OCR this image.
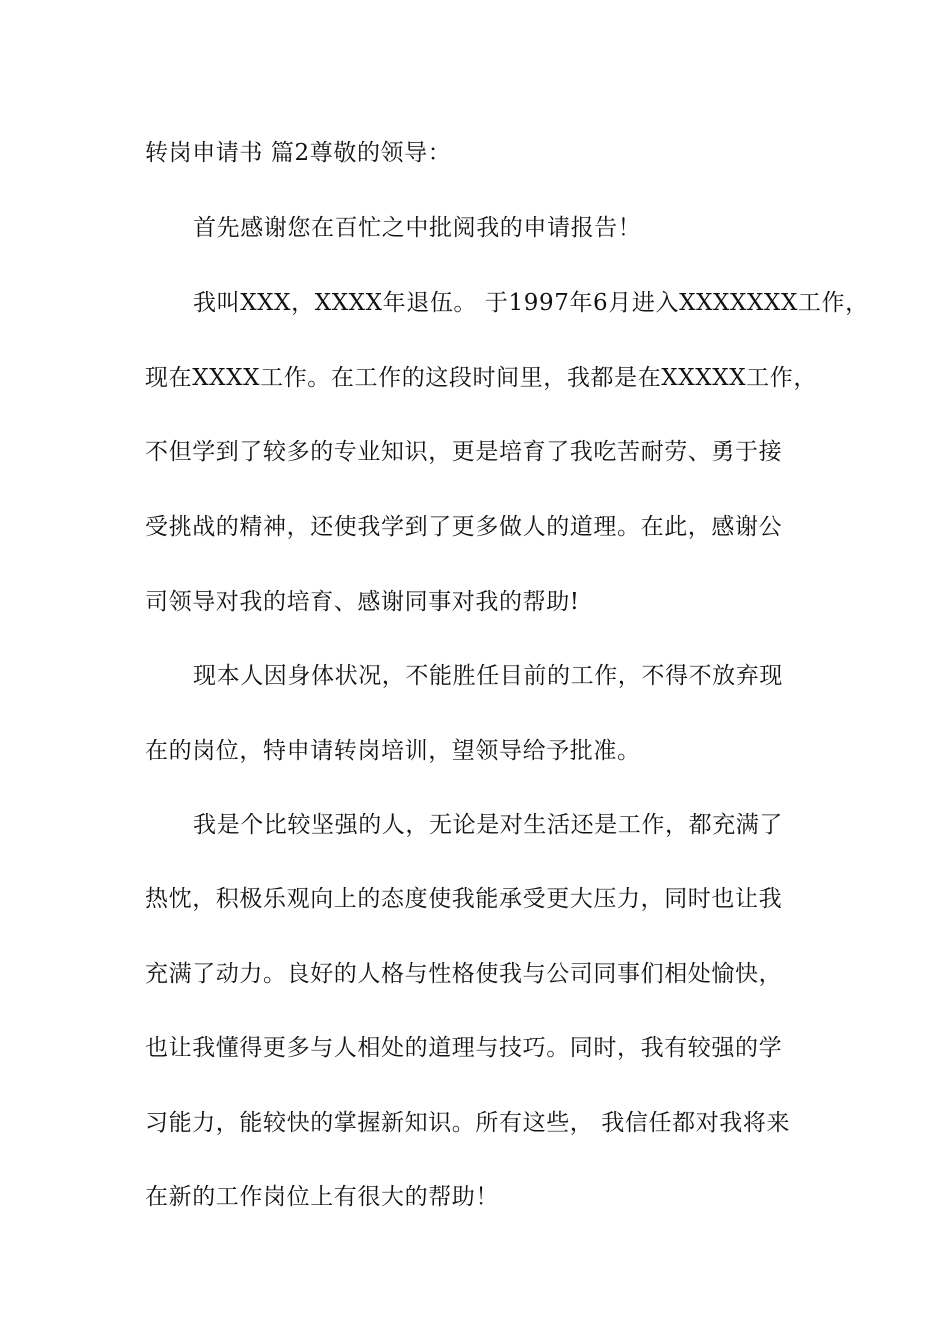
转岗申请书 篇2尊敬的领导：
首先感谢您在百忙之中批阅我的申请报告！
我叫XXX，XXXX年退伍。 于1997年6月进入XXXXXXX工作，
现在XXXX工作。在工作的这段时间里，我都是在XXXXX工作，
不但学到了较多的专业知识，更是培育了我吃苦耐劳、勇于接
受挑战的精神，还使我学到了更多做人的道理。在此，感谢公
司领导对我的培育、感谢同事对我的帮助!
现本人因身体状况，不能胜任目前的工作，不得不放弃现
在的岗位，特申请转岗培训，望领导给予批准。
我是个比较坚强的人，无论是对生活还是工作，都充满了
热忱，积极乐观向上的态度使我能承受更大压力，同时也让我
充满了动力。良好的人格与性格使我与公司同事们相处愉快，
也让我懂得更多与人相处的道理与技巧。同时，我有较强的学
习能力，能较快的掌握新知识。所有这些， 我信任都对我将来
在新的工作岗位上有很大的帮助！
